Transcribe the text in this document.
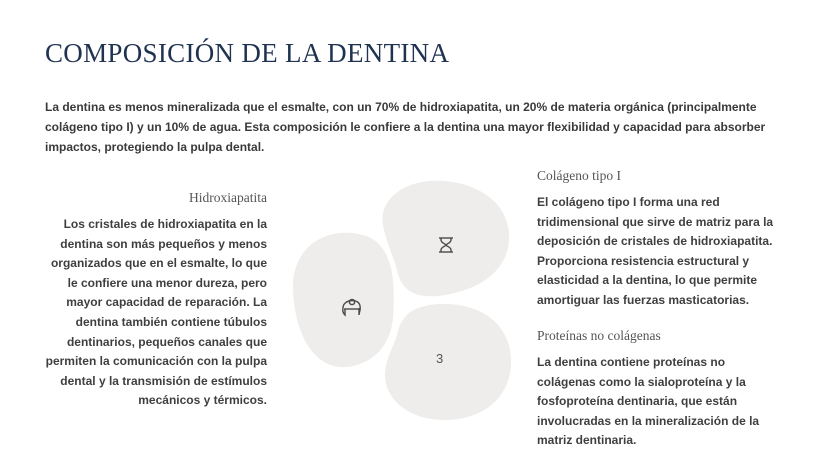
COMPOSICIÓN DE LA DENTINA

La dentina es menos mineralizada que el esmalte, con un 70% de hidroxiapatita, un 20% de materia orgánica (principalmente colágeno tipo I) y un 10% de agua. Esta composición le confiere a la dentina una mayor flexibilidad y capacidad para absorber impactos, protegiendo la pulpa dental.

Hidroxiapatita

Los cristales de hidroxiapatita en la dentina son más pequeños y menos organizados que en el esmalte, lo que le confiere una menor dureza, pero mayor capacidad de reparación. La dentina también contiene túbulos dentinarios, pequeños canales que permiten la comunicación con la pulpa dental y la transmisión de estímulos mecánicos y térmicos.

Colágeno tipo I

El colágeno tipo I forma una red tridimensional que sirve de matriz para la deposición de cristales de hidroxiapatita. Proporciona resistencia estructural y elasticidad a la dentina, lo que permite amortiguar las fuerzas masticatorias.

Proteínas no colágenas

La dentina contiene proteínas no colágenas como la sialoproteína y la fosfoproteína dentinaria, que están involucradas en la mineralización de la matriz dentinaria.

3
